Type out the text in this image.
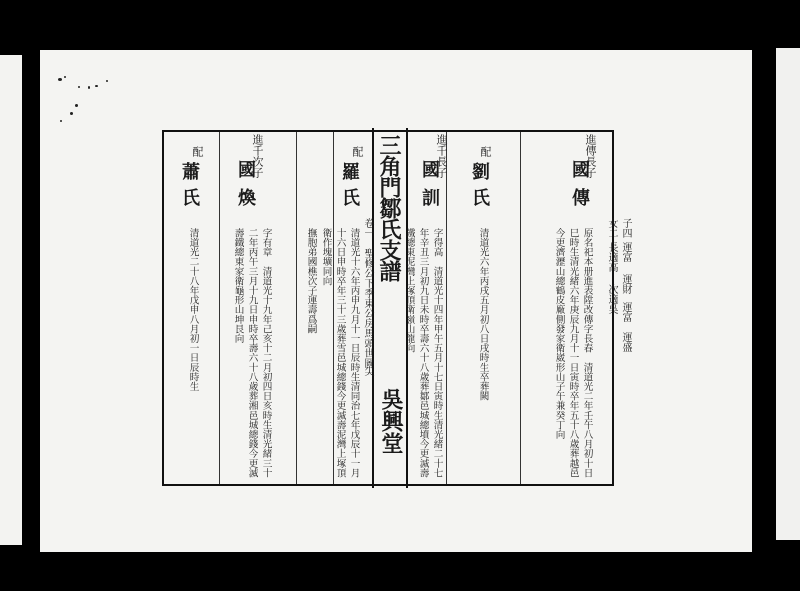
三角門鄒氏支譜
吳興堂
卷一　聖修公下季東公房馬頭世圖
尖
進傳長子
國傳
原名祀本册進表陞改傳字長春　清道光二年壬午八月初十日
巳時生清光緒六年庚辰九月十一日寅時卒年五十八歲葬越邑
今更濟瀝山總鶴皮廠側發家衛崴形山子午兼癸丁向
配
劉氏
清道光六年丙戌五月初八日戌時生卒葬闕
進千長子
國訓
字得高　清道光十四年甲午五月十七日寅時生清光緒二十七
年辛丑三月初九日未時卒壽六十八歲葬鄒邑城總墳今更滅壽
鐵總東泥灣上塚頂衛嶺山龍向
配
羅氏
清道光十六年丙申九月十一日辰時生清同治七年戊辰十一月
十六日申時卒年三十三歲葬雪邑城總錢今更滅壽泥灣上塚頂
衛作塊壙同向
撫胞弟國樵次子運壽爲嗣
進千次子
國煥
字有章　清道光十九年己亥十二月初四日亥時生清光緒三十
二年丙午三月十九日申時卒壽六十八歲葬湘邑城總錢今更滅
壽鐵總東家衛龜形山坤艮向
配
蕭氏
清道光二十八年戊申八月初一日辰時生	子四
運富
運財
運富
運盛
女二
長適高
次適吳
